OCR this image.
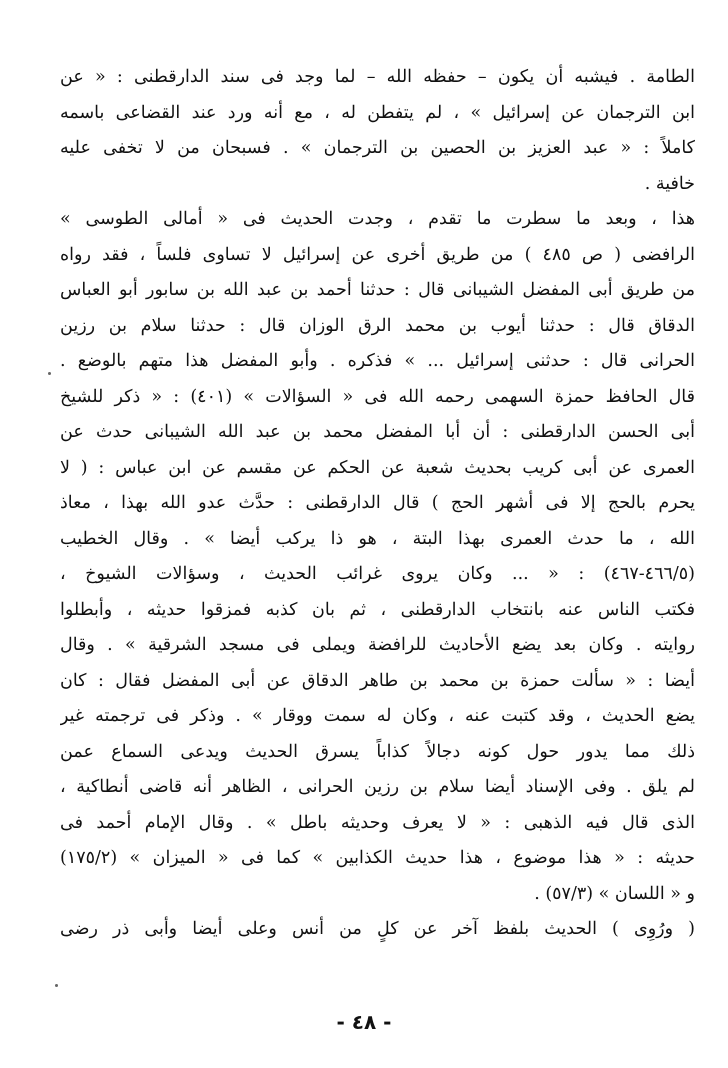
الطامة . فيشبه أن يكون – حفظه الله – لما وجد فى سند الدارقطنى : « عن
ابن الترجمان عن إسرائيل » ، لم يتفطن له ، مع أنه ورد عند القضاعى باسمه
كاملاً : « عبد العزيز بن الحصين بن الترجمان » . فسبحان من لا تخفى عليه
خافية .
هذا ، وبعد ما سطرت ما تقدم ، وجدت الحديث فى « أمالى الطوسى »
الرافضى ( ص ٤٨٥ ) من طريق أخرى عن إسرائيل لا تساوى فلساً ، فقد رواه
من طريق أبى المفضل الشيبانى قال : حدثنا أحمد بن عبد الله بن سابور أبو العباس
الدقاق قال : حدثنا أيوب بن محمد الرق الوزان قال : حدثنا سلام بن رزين
الحرانى قال : حدثنى إسرائيل ... » فذكره . وأبو المفضل هذا متهم بالوضع .
قال الحافظ حمزة السهمى رحمه الله فى « السؤالات » (٤٠١) : « ذكر للشيخ
أبى الحسن الدارقطنى : أن أبا المفضل محمد بن عبد الله الشيبانى حدث عن
العمرى عن أبى كريب بحديث شعبة عن الحكم عن مقسم عن ابن عباس : ( لا
يحرم بالحج إلا فى أشهر الحج ) قال الدارقطنى : حدَّث عدو الله بهذا ، معاذ
الله ، ما حدث العمرى بهذا البتة ، هو ذا يركب أيضا » . وقال الخطيب
(٤٦٦/٥-٤٦٧) : « ... وكان يروى غرائب الحديث ، وسؤالات الشيوخ ،
فكتب الناس عنه بانتخاب الدارقطنى ، ثم بان كذبه فمزقوا حديثه ، وأبطلوا
روايته . وكان بعد يضع الأحاديث للرافضة ويملى فى مسجد الشرقية » . وقال
أيضا : « سألت حمزة بن محمد بن طاهر الدقاق عن أبى المفضل فقال : كان
يضع الحديث ، وقد كتبت عنه ، وكان له سمت ووقار » . وذكر فى ترجمته غير
ذلك مما يدور حول كونه دجالاً كذاباً يسرق الحديث ويدعى السماع عمن
لم يلق . وفى الإسناد أيضا سلام بن رزين الحرانى ، الظاهر أنه قاضى أنطاكية ،
الذى قال فيه الذهبى : « لا يعرف وحديثه باطل » . وقال الإمام أحمد فى
حديثه : « هذا موضوع ، هذا حديث الكذابين » كما فى « الميزان » (١٧٥/٢)
و « اللسان » (٥٧/٣) .
( ورُوِى ) الحديث بلفظ آخر عن كلٍ من أنس وعلى أيضا وأبى ذر رضى
- ٤٨ -
